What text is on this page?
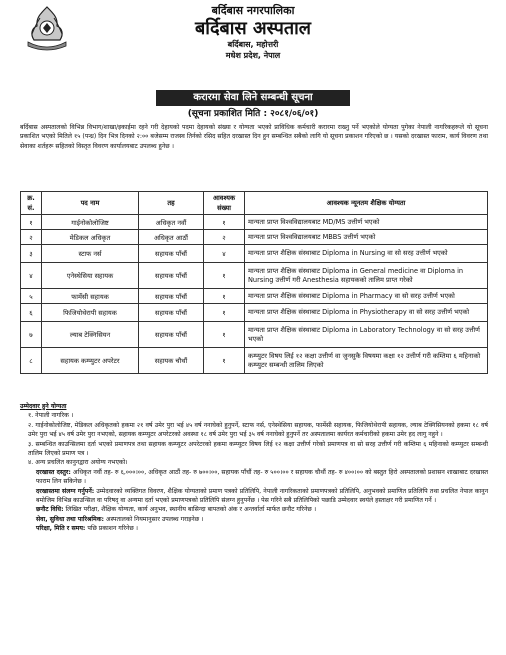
बर्दिबास नगरपालिका
बर्दिबास अस्पताल
बर्दिबास, महोत्तरी
मधेश प्रदेश, नेपाल
करारमा सेवा लिने सम्बन्धी सूचना
(सूचना प्रकाशित मिति : २०८१/०६/०१)
बर्दिबास अस्पतालको विभिन्न विभाग/शाखा/इकाईमा रहने गरी देहायको पदमा देहायको संख्या र योग्यता भएको प्राविधिक कर्मचारी करारमा राख्नु पर्ने भएकोले योग्यता पुगेका नेपाली नागरिकहरूले यो सूचना प्रकाशित भएको मितिले १५ (पन्ध्र) दिन भित्र दिनको २:०० बजेसम्म राजस्व तिर्नको रसिद सहित दरखास्त दिन हुन सम्बन्धित सबैको लागि यो सूचना प्रकाशन गरिएको छ । यसको दरखास्त फाराम, कार्य विवरण तथा सेवाका शर्तहरू सहितको विस्तृत विवरण कार्यालयबाट उपलब्ध हुनेछ ।
क्र. सं.	पद नाम	तह	आवश्यक संख्या	आवश्यक न्यूनतम शैक्षिक योग्यता
१	गाईनोकोलोजिष्ट	अधिकृत नवौं	१	मान्यता प्राप्त विश्वविद्यालयबाट MD/MS उत्तीर्ण भएको
२	मेडिकल अधिकृत	अधिकृत आठौं	२	मान्यता प्राप्त विश्वविद्यालयबाट MBBS उत्तीर्ण भएको
३	स्टाफ नर्स	सहायक पाँचौं	४	मान्यता प्राप्त शैक्षिक संस्थाबाट Diploma in Nursing वा सो सरह उत्तीर्ण भएको
४	एनेस्थेसिया सहायक	सहायक पाँचौं	१	मान्यता प्राप्त शैक्षिक संस्थाबाट Diploma in General medicine वा Diploma in Nursing उत्तीर्ण गरी Anesthesia सहायकको तालिम प्राप्त गरेको
५	फार्मेसी सहायक	सहायक पाँचौं	१	मान्यता प्राप्त शैक्षिक संस्थाबाट Diploma in Pharmacy वा सो सरह उत्तीर्ण भएको
६	फिजियोथेरापी सहायक	सहायक पाँचौं	१	मान्यता प्राप्त शैक्षिक संस्थाबाट Diploma in Physiotherapy वा सो सरह उत्तीर्ण भएको
७	ल्याब टेक्निसियन	सहायक पाँचौं	१	मान्यता प्राप्त शैक्षिक संस्थाबाट Diploma in Laboratory Technology वा सो सरह उत्तीर्ण भएको
८	सहायक कम्प्युटर अपरेटर	सहायक चौथौं	१	कम्प्युटर विषय लिई १२ कक्षा उत्तीर्ण वा जुनसुकै विषयमा कक्षा १२ उत्तीर्ण गरी कम्तिमा ६ महिनाको कम्प्युटर सम्बन्धी तालिम लिएको

उम्मेदवार हुने योग्यता

१. नेपाली नागरिक ।

२. गाईनोकोलोजिष्ट, मेडिकल अधिकृतको हकमा २१ वर्ष उमेर पुरा भई ४५ वर्ष ननाघेको हुनुपर्ने, स्टाफ नर्स, एनेस्थेसिया सहायक, फार्मेसी सहायक, फिजियोथेरापी सहायक, ल्याब टेक्निसियनको हकमा १८ वर्ष उमेर पुरा भई ४५ वर्ष उमेर पुरा नभएको, सहायक कम्प्युटर अपरेटरको अवस्था १८ वर्ष उमेर पुरा भई ३५ वर्ष ननाघेको हुनुपर्ने तर अस्पतालमा कार्यरत कर्मचारीको हकमा उमेर हद लागु नहुने ।

३. सम्बन्धित काउन्सिलमा दर्ता भएको प्रमाणपत्र तथा सहायक कम्प्युटर अपरेटरको हकमा कम्प्युटर विषय लिई १२ कक्षा उत्तीर्ण गरेको प्रमाणपत्र वा सो सरह उत्तीर्ण गरी कम्तिमा ६ महिनाको कम्प्युटर सम्बन्धी तालिम लिएको प्रमाण पत्र ।

४. अन्य प्रचलित कानुनद्वारा अयोग्य नभएको।

दरखास्त दस्तुर: अधिकृत नवौं तह- रु ६,०००।००, अधिकृत आठौं तह- रु ७००।००, सहायक पाँचौं तह- रु ५००।०० र सहायक चौथौं तह- रु ४००।०० को बस्तुत हिरो अस्पतालको प्रशासन शाखाबाट दरखास्त फाराम लिन सकिनेछ ।

दरखास्तमा संलग्न गर्नुपर्ने: उम्मेदवारको व्यक्तिगत विवरण, शैक्षिक योग्यताको प्रमाण पत्रको प्रतिलिपि, नेपाली नागरिकताको प्रमाणपत्रको प्रतिलिपि, अनुभवको प्रमाणित प्रतिलिपि तथा प्रचलित नेपाल कानुन बमोजिम विभिन्न काउन्सिल वा परिषद् वा अन्यमा दर्ता भएको प्रमाणपत्रको प्रतिलिपि संलग्न हुनुपर्नेछ । पेस गरिने सबै प्रतिलिपिको पछाडि उम्मेदवार स्वयंले हस्ताक्षर गरी प्रमाणित गर्ने ।

छनौट विधि: लिखित परीक्षा, शैक्षिक योग्यता, कार्य अनुभव, स्थानीय बासिन्दा बापतको अंक र अन्तर्वार्ता मार्फत छनौट गरिनेछ ।

सेवा, सुविधा तथा पारिश्रमिक: अस्पतालको नियमानुसार उपलब्ध गराइनेछ ।

परिक्षा, मिति र समय: पछि प्रकाशन गरिनेछ ।
